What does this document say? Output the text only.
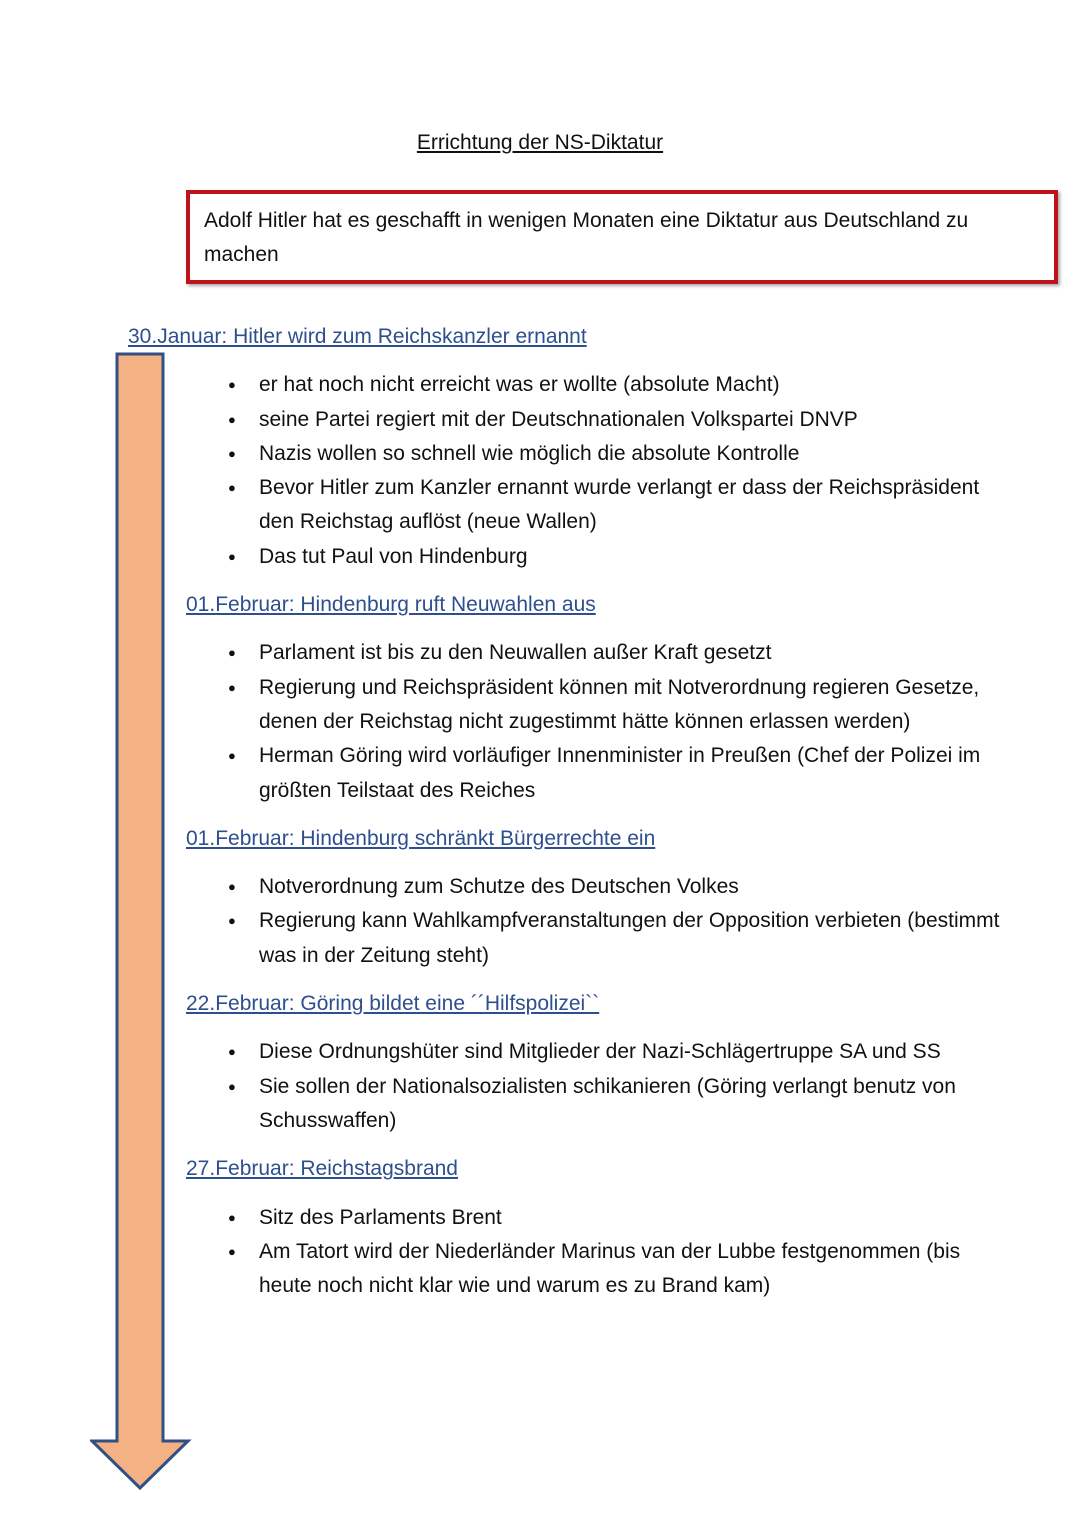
Errichtung der NS-Diktatur
Adolf Hitler hat es geschafft in wenigen Monaten eine Diktatur aus Deutschland zu machen
30.Januar: Hitler wird zum Reichskanzler ernannt
● er hat noch nicht erreicht was er wollte (absolute Macht)
● seine Partei regiert mit der Deutschnationalen Volkspartei DNVP
● Nazis wollen so schnell wie möglich die absolute Kontrolle
● Bevor Hitler zum Kanzler ernannt wurde verlangt er dass der Reichspräsident den Reichstag auflöst (neue Wallen)
● Das tut Paul von Hindenburg
01.Februar: Hindenburg ruft Neuwahlen aus
● Parlament ist bis zu den Neuwallen außer Kraft gesetzt
● Regierung und Reichspräsident können mit Notverordnung regieren Gesetze, denen der Reichstag nicht zugestimmt hätte können erlassen werden)
● Herman Göring wird vorläufiger Innenminister in Preußen (Chef der Polizei im größten Teilstaat des Reiches
01.Februar: Hindenburg schränkt Bürgerrechte ein
● Notverordnung zum Schutze des Deutschen Volkes
● Regierung kann Wahlkampfveranstaltungen der Opposition verbieten (bestimmt was in der Zeitung steht)
22.Februar: Göring bildet eine ´´Hilfspolizei``
● Diese Ordnungshüter sind Mitglieder der Nazi-Schlägertruppe SA und SS
● Sie sollen der Nationalsozialisten schikanieren (Göring verlangt benutz von Schusswaffen)
27.Februar: Reichstagsbrand
● Sitz des Parlaments Brent
● Am Tatort wird der Niederländer Marinus van der Lubbe festgenommen (bis heute noch nicht klar wie und warum es zu Brand kam)
